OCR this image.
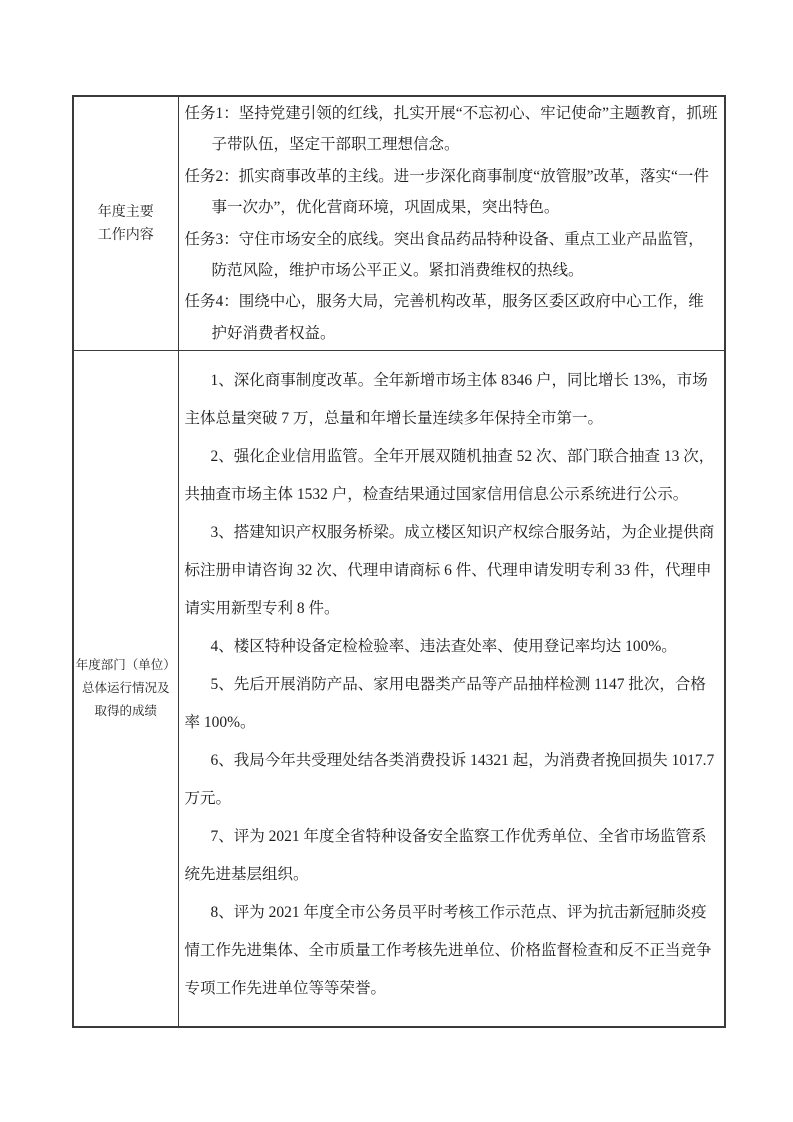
年度主要
工作内容

任务1：坚持党建引领的红线，扎实开展“不忘初心、牢记使命”主题教育，抓班子带队伍，坚定干部职工理想信念。

任务2：抓实商事改革的主线。进一步深化商事制度“放管服”改革，落实“一件事一次办”，优化营商环境，巩固成果，突出特色。

任务3：守住市场安全的底线。突出食品药品特种设备、重点工业产品监管，防范风险，维护市场公平正义。紧扣消费维权的热线。

任务4：围绕中心，服务大局，完善机构改革，服务区委区政府中心工作，维护好消费者权益。

年度部门（单位）
总体运行情况及
取得的成绩

1、深化商事制度改革。全年新增市场主体 8346 户，同比增长 13%，市场主体总量突破 7 万，总量和年增长量连续多年保持全市第一。

2、强化企业信用监管。全年开展双随机抽查 52 次、部门联合抽查 13 次，共抽查市场主体 1532 户，检查结果通过国家信用信息公示系统进行公示。

3、搭建知识产权服务桥梁。成立楼区知识产权综合服务站，为企业提供商标注册申请咨询 32 次、代理申请商标 6 件、代理申请发明专利 33 件，代理申请实用新型专利 8 件。

4、楼区特种设备定检检验率、违法查处率、使用登记率均达 100%。

5、先后开展消防产品、家用电器类产品等产品抽样检测 1147 批次，合格率 100%。

6、我局今年共受理处结各类消费投诉 14321 起，为消费者挽回损失 1017.7 万元。

7、评为 2021 年度全省特种设备安全监察工作优秀单位、全省市场监管系统先进基层组织。

8、评为 2021 年度全市公务员平时考核工作示范点、评为抗击新冠肺炎疫情工作先进集体、全市质量工作考核先进单位、价格监督检查和反不正当竞争专项工作先进单位等等荣誉。
